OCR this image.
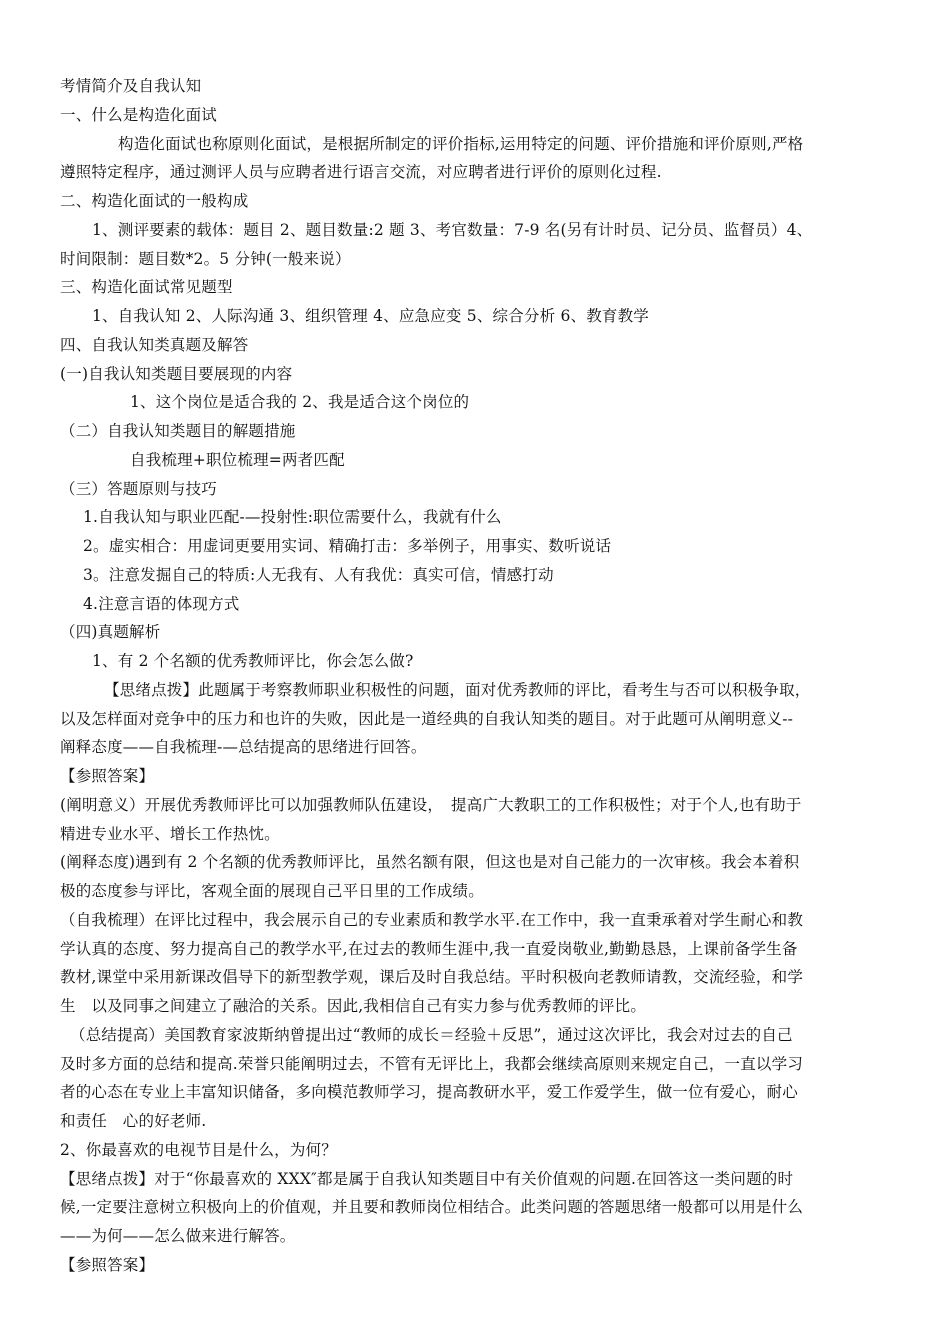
考情简介及自我认知
一、什么是构造化面试
构造化面试也称原则化面试，是根据所制定的评价指标,运用特定的问题、评价措施和评价原则,严格
遵照特定程序，通过测评人员与应聘者进行语言交流，对应聘者进行评价的原则化过程.
二、构造化面试的一般构成
1、测评要素的载体：题目 2、题目数量:2 题 3、考官数量：7-9 名(另有计时员、记分员、监督员）4、
时间限制：题目数*2。5 分钟(一般来说）
三、构造化面试常见题型
1、自我认知 2、人际沟通 3、组织管理 4、应急应变 5、综合分析 6、教育教学
四、自我认知类真题及解答
(一)自我认知类题目要展现的内容
1、这个岗位是适合我的 2、我是适合这个岗位的
（二）自我认知类题目的解题措施
自我梳理+职位梳理=两者匹配
（三）答题原则与技巧
1.自我认知与职业匹配-—投射性:职位需要什么，我就有什么
2。虚实相合：用虚词更要用实词、精确打击：多举例子，用事实、数听说话
3。注意发掘自己的特质:人无我有、人有我优：真实可信，情感打动
4.注意言语的体现方式
（四)真题解析
1、有 2 个名额的优秀教师评比，你会怎么做?
【思绪点拨】此题属于考察教师职业积极性的问题，面对优秀教师的评比，看考生与否可以积极争取，
以及怎样面对竞争中的压力和也许的失败，因此是一道经典的自我认知类的题目。对于此题可从阐明意义--
阐释态度——自我梳理-—总结提高的思绪进行回答。
【参照答案】
(阐明意义）开展优秀教师评比可以加强教师队伍建设，　提高广大教职工的工作积极性；对于个人,也有助于
精进专业水平、增长工作热忱。
(阐释态度)遇到有 2 个名额的优秀教师评比，虽然名额有限，但这也是对自己能力的一次审核。我会本着积
极的态度参与评比，客观全面的展现自己平日里的工作成绩。
（自我梳理）在评比过程中，我会展示自己的专业素质和教学水平.在工作中，我一直秉承着对学生耐心和教
学认真的态度、努力提高自己的教学水平,在过去的教师生涯中,我一直爱岗敬业,勤勤恳恳，上课前备学生备
教材,课堂中采用新课改倡导下的新型教学观，课后及时自我总结。平时积极向老教师请教，交流经验，和学
生　以及同事之间建立了融洽的关系。因此,我相信自己有实力参与优秀教师的评比。
（总结提高）美国教育家波斯纳曾提出过“教师的成长＝经验＋反思”，通过这次评比，我会对过去的自己
及时多方面的总结和提高.荣誉只能阐明过去，不管有无评比上，我都会继续高原则来规定自己，一直以学习
者的心态在专业上丰富知识储备，多向模范教师学习，提高教研水平，爱工作爱学生，做一位有爱心，耐心
和责任　心的好老师.
2、你最喜欢的电视节目是什么，为何？
【思绪点拨】对于“你最喜欢的 XXX″都是属于自我认知类题目中有关价值观的问题.在回答这一类问题的时
候,一定要注意树立积极向上的价值观，并且要和教师岗位相结合。此类问题的答题思绪一般都可以用是什么
——为何——怎么做来进行解答。
【参照答案】
